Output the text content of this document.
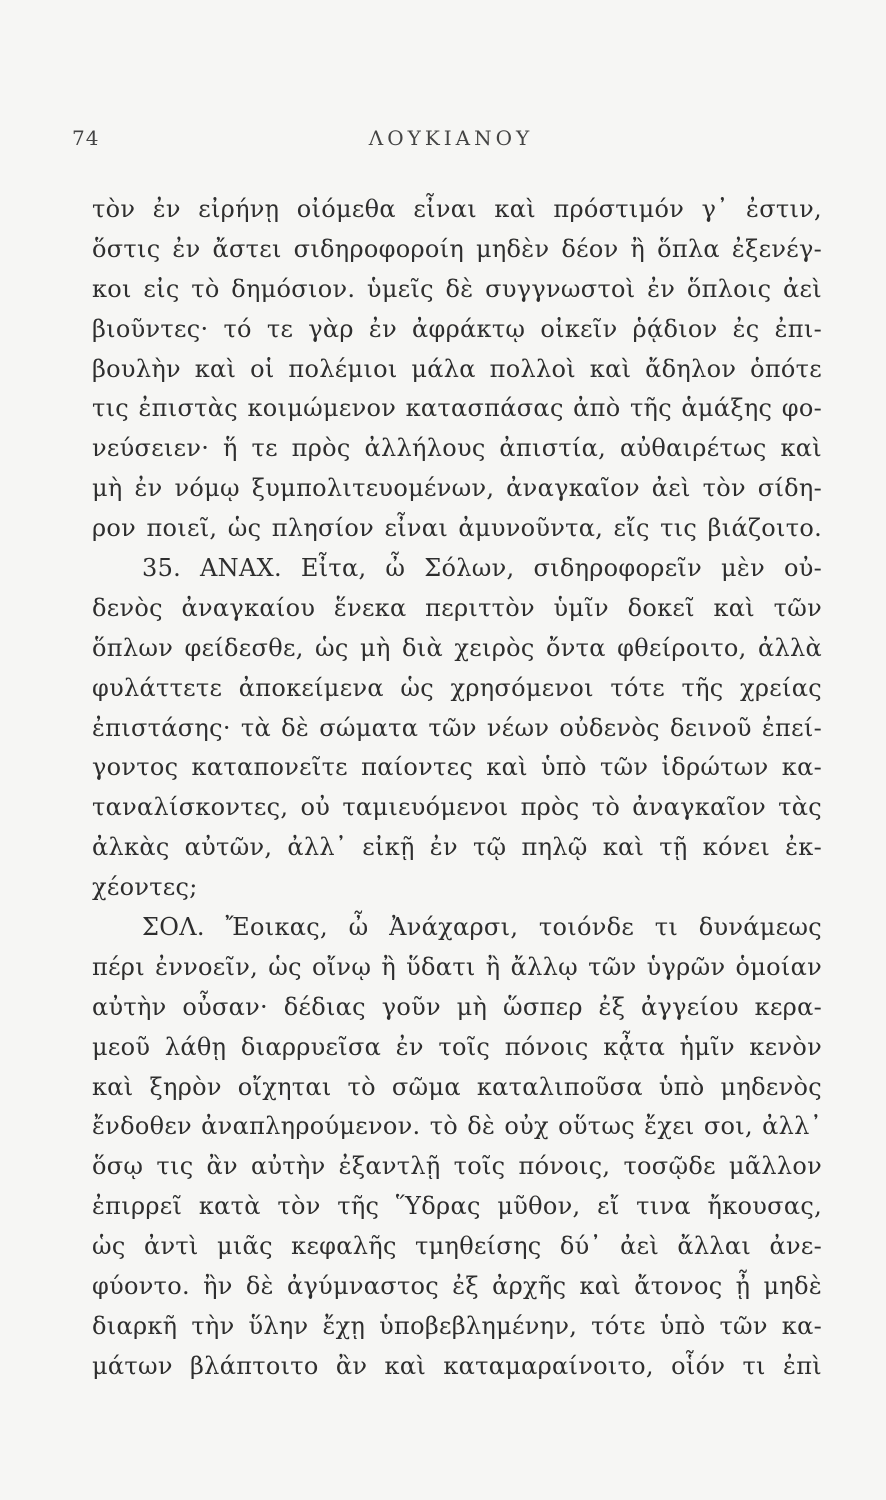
74	ΛΟΥΚΙΑΝΟΥ
τὸν ἐν εἰρήνῃ οἰόμεθα εἶναι καὶ πρόστιμόν γ᾽ ἐστιν,
ὅστις ἐν ἄστει σιδηροφοροίη μηδὲν δέον ἢ ὅπλα ἐξενέγ-
κοι εἰς τὸ δημόσιον. ὑμεῖς δὲ συγγνωστοὶ ἐν ὅπλοις ἀεὶ
βιοῦντες· τό τε γὰρ ἐν ἀφράκτῳ οἰκεῖν ῥᾴδιον ἐς ἐπι-
βουλὴν καὶ οἱ πολέμιοι μάλα πολλοὶ καὶ ἄδηλον ὁπότε
τις ἐπιστὰς κοιμώμενον κατασπάσας ἀπὸ τῆς ἁμάξης φο-
νεύσειεν· ἥ τε πρὸς ἀλλήλους ἀπιστία, αὐθαιρέτως καὶ
μὴ ἐν νόμῳ ξυμπολιτευομένων, ἀναγκαῖον ἀεὶ τὸν σίδη-
ρον ποιεῖ, ὡς πλησίον εἶναι ἀμυνοῦντα, εἴς τις βιάζοιτο.
35. ΑΝΑΧ. Εἶτα, ὦ Σόλων, σιδηροφορεῖν μὲν οὐ-
δενὸς ἀναγκαίου ἕνεκα περιττὸν ὑμῖν δοκεῖ καὶ τῶν
ὅπλων φείδεσθε, ὡς μὴ διὰ χειρὸς ὄντα φθείροιτο, ἀλλὰ
φυλάττετε ἀποκείμενα ὡς χρησόμενοι τότε τῆς χρείας
ἐπιστάσης· τὰ δὲ σώματα τῶν νέων οὐδενὸς δεινοῦ ἐπεί-
γοντος καταπονεῖτε παίοντες καὶ ὑπὸ τῶν ἱδρώτων κα-
ταναλίσκοντες, οὐ ταμιευόμενοι πρὸς τὸ ἀναγκαῖον τὰς
ἀλκὰς αὐτῶν, ἀλλ᾽ εἰκῇ ἐν τῷ πηλῷ καὶ τῇ κόνει ἐκ-
χέοντες;
ΣΟΛ. Ἔοικας, ὦ Ἀνάχαρσι, τοιόνδε τι δυνάμεως
πέρι ἐννοεῖν, ὡς οἴνῳ ἢ ὕδατι ἢ ἄλλῳ τῶν ὑγρῶν ὁμοίαν
αὐτὴν οὖσαν· δέδιας γοῦν μὴ ὥσπερ ἐξ ἀγγείου κερα-
μεοῦ λάθῃ διαρρυεῖσα ἐν τοῖς πόνοις κᾆτα ἡμῖν κενὸν
καὶ ξηρὸν οἴχηται τὸ σῶμα καταλιποῦσα ὑπὸ μηδενὸς
ἔνδοθεν ἀναπληρούμενον. τὸ δὲ οὐχ οὕτως ἔχει σοι, ἀλλ᾽
ὅσῳ τις ἂν αὐτὴν ἐξαντλῇ τοῖς πόνοις, τοσῷδε μᾶλλον
ἐπιρρεῖ κατὰ τὸν τῆς Ὕδρας μῦθον, εἴ τινα ἤκουσας,
ὡς ἀντὶ μιᾶς κεφαλῆς τμηθείσης δύ᾽ ἀεὶ ἄλλαι ἀνε-
φύοντο. ἢν δὲ ἀγύμναστος ἐξ ἀρχῆς καὶ ἄτονος ᾖ μηδὲ
διαρκῆ τὴν ὕλην ἔχῃ ὑποβεβλημένην, τότε ὑπὸ τῶν κα-
μάτων βλάπτοιτο ἂν καὶ καταμαραίνοιτο, οἷόν τι ἐπὶ
